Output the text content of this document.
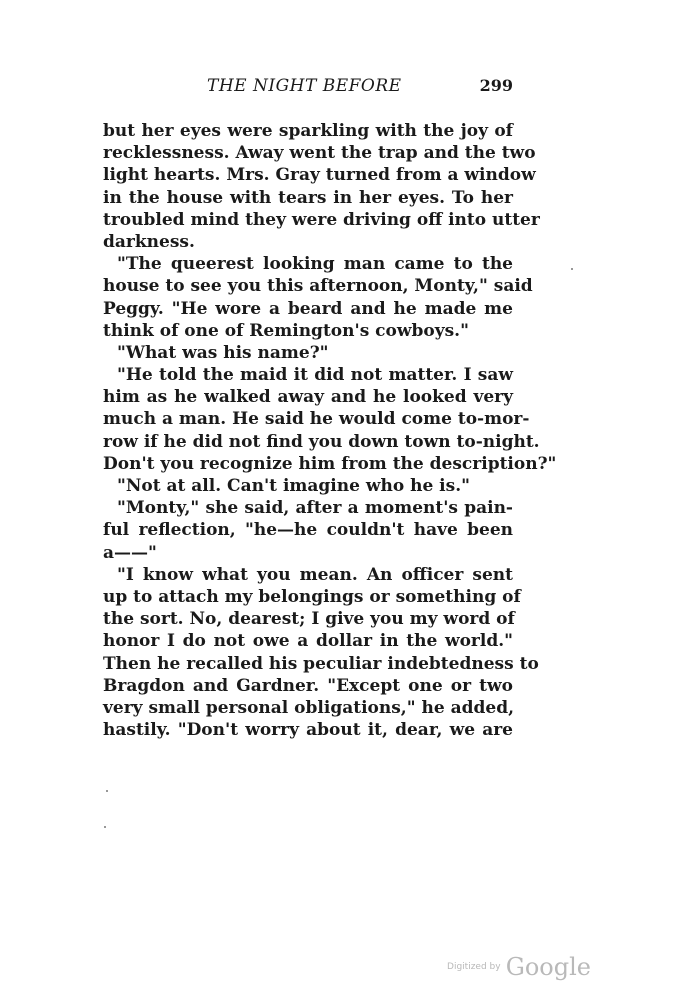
THE NIGHT BEFORE	299
but her eyes were sparkling with the joy of
recklessness. Away went the trap and the two
light hearts. Mrs. Gray turned from a window
in the house with tears in her eyes. To her
troubled mind they were driving off into utter
darkness.
"The queerest looking man came to the
house to see you this afternoon, Monty," said
Peggy. "He wore a beard and he made me
think of one of Remington's cowboys."
"What was his name?"
"He told the maid it did not matter. I saw
him as he walked away and he looked very
much a man. He said he would come to-mor-
row if he did not find you down town to-night.
Don't you recognize him from the description?"
"Not at all. Can't imagine who he is."
"Monty," she said, after a moment's pain-
ful reflection, "he—he couldn't have been
a——"
"I know what you mean. An officer sent
up to attach my belongings or something of
the sort. No, dearest; I give you my word of
honor I do not owe a dollar in the world."
Then he recalled his peculiar indebtedness to
Bragdon and Gardner. "Except one or two
very small personal obligations," he added,
hastily. "Don't worry about it, dear, we are
Digitized by Google
